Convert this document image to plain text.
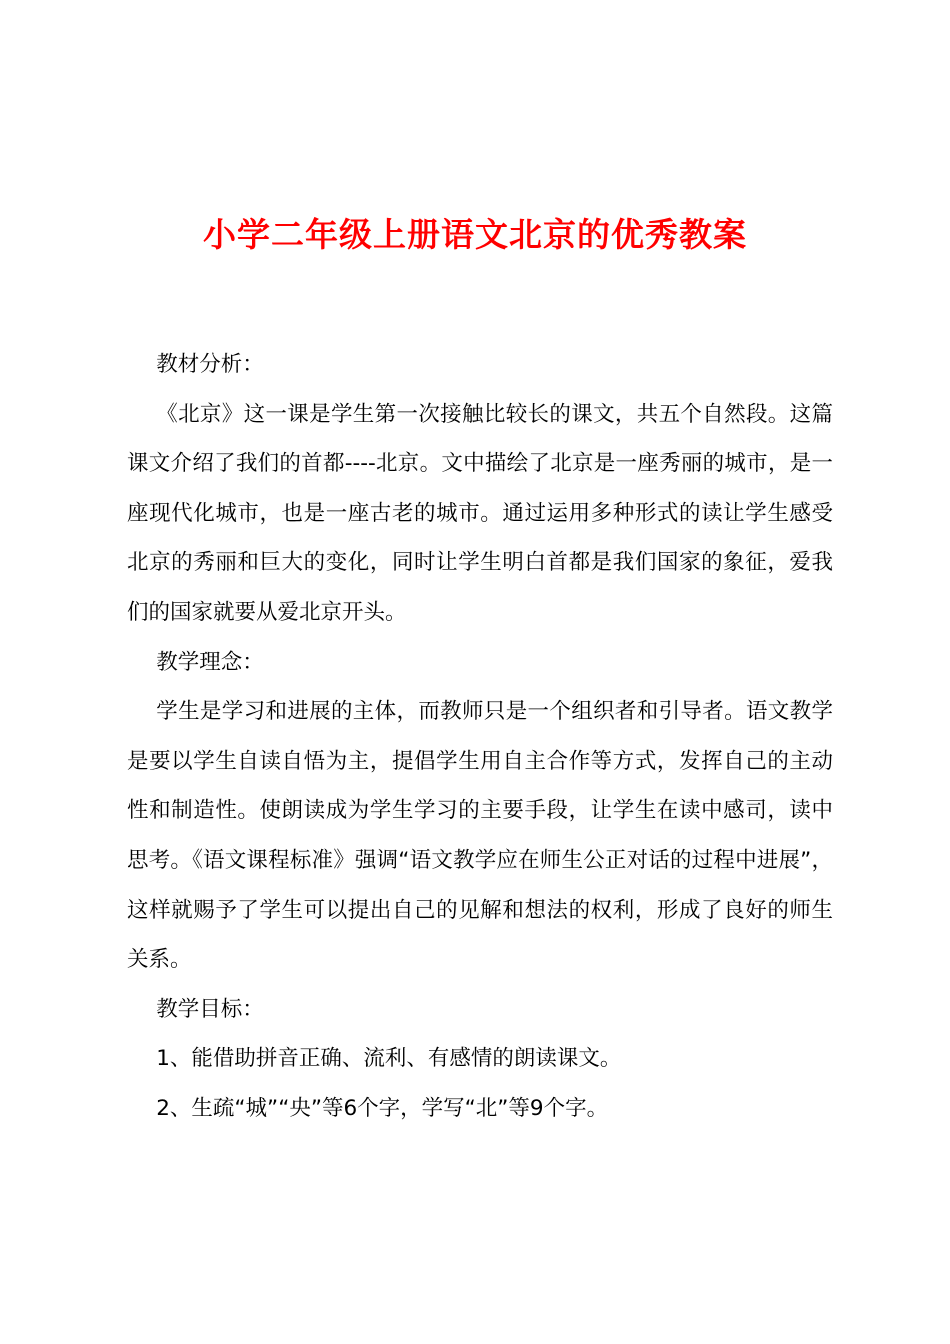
小学二年级上册语文北京的优秀教案

教材分析：

《北京》这一课是学生第一次接触比较长的课文，共五个自然段。这篇课文介绍了我们的首都----北京。文中描绘了北京是一座秀丽的城市，是一座现代化城市，也是一座古老的城市。通过运用多种形式的读让学生感受北京的秀丽和巨大的变化，同时让学生明白首都是我们国家的象征，爱我们的国家就要从爱北京开头。

教学理念：

学生是学习和进展的主体，而教师只是一个组织者和引导者。语文教学是要以学生自读自悟为主，提倡学生用自主合作等方式，发挥自己的主动性和制造性。使朗读成为学生学习的主要手段，让学生在读中感司，读中思考。《语文课程标准》强调“语文教学应在师生公正对话的过程中进展”，这样就赐予了学生可以提出自己的见解和想法的权利，形成了良好的师生关系。

教学目标：

1、能借助拼音正确、流利、有感情的朗读课文。

2、生疏“城”“央”等6个字，学写“北”等9个字。
